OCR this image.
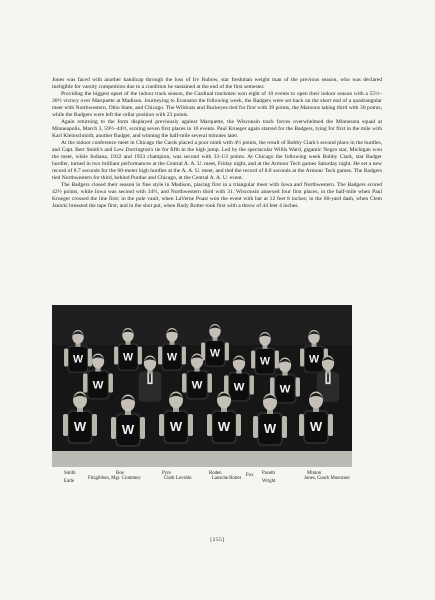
Jones was faced with another handicap through the loss of Irv Rubow, star freshman weight man of the previous season, who was declared ineligible for varsity competition due to a condition he sustained at the end of the first semester.

Providing the biggest upset of the indoor track season, the Cardinal trackmen won eight of 10 events to open their indoor season with a 55½–30½ victory over Marquette at Madison. Journeying to Evanston the following week, the Badgers were set back on the short end of a quadrangular meet with Northwestern, Ohio State, and Chicago. The Wildcats and Buckeyes tied for first with 39 points, the Maroons taking third with 30 points, while the Badgers were left the cellar position with 23 points.

Again returning to the form displayed previously against Marquette, the Wisconsin track forces overwhelmed the Minnesota squad at Minneapolis, March 3, 59½–44½, scoring seven first places in 10 events. Paul Krueger again starred for the Badgers, tying for first in the mile with Karl Kleinschmidt, another Badger, and winning the half-mile several minutes later.

At the indoor conference meet in Chicago the Cards placed a poor ninth with 4½ points, the result of Bobby Clark's second place in the hurdles, and Capt. Bert Smith's and Lew Dorrington's tie for fifth in the high jump. Led by the spectacular Willis Ward, gigantic Negro star, Michigan won the meet, while Indiana, 1932 and 1933 champion, was second with 33-1/3 points. At Chicago the following week Bobby Clark, star Badger hurdler, turned in two brilliant performances at the Central A. A. U. meet, Friday night, and at the Armour Tech games Saturday night. He set a new record of 8.7 seconds for the 60-meter high hurdles at the A. A. U. meet, and tied the record of 8.8 seconds at the Armour Tech games. The Badgers tied Northwestern for third, behind Purdue and Chicago, at the Central A. A. U. event.

The Badgers closed their season in fine style in Madison, placing first in a triangular meet with Iowa and Northwestern. The Badgers scored 42½ points, while Iowa was second with 34½, and Northwestern third with 31. Wisconsin annexed four first places, in the half-mile when Paul Krueger crossed the line first; in the pole vault, when LaVerne Poast won the event with bar at 12 feet 8 inches; in the 60-yard dash, when Clem Janicki breasted the tape first; and in the shot put, when Rudy Rotter took first with a throw of 44 feet 4 inches.

W	W	W	W
W	W
W	W	W	W
W	W	W	W	W	W
Smith	Boe	Pyre	Roden	Pacetti	Minton
Earle
Fitzgibbon, Mgr. Crummey	Clark Lovshin	Lausche Rotter
Fox
Wright
Jones, Coach Muenzner
[255]
